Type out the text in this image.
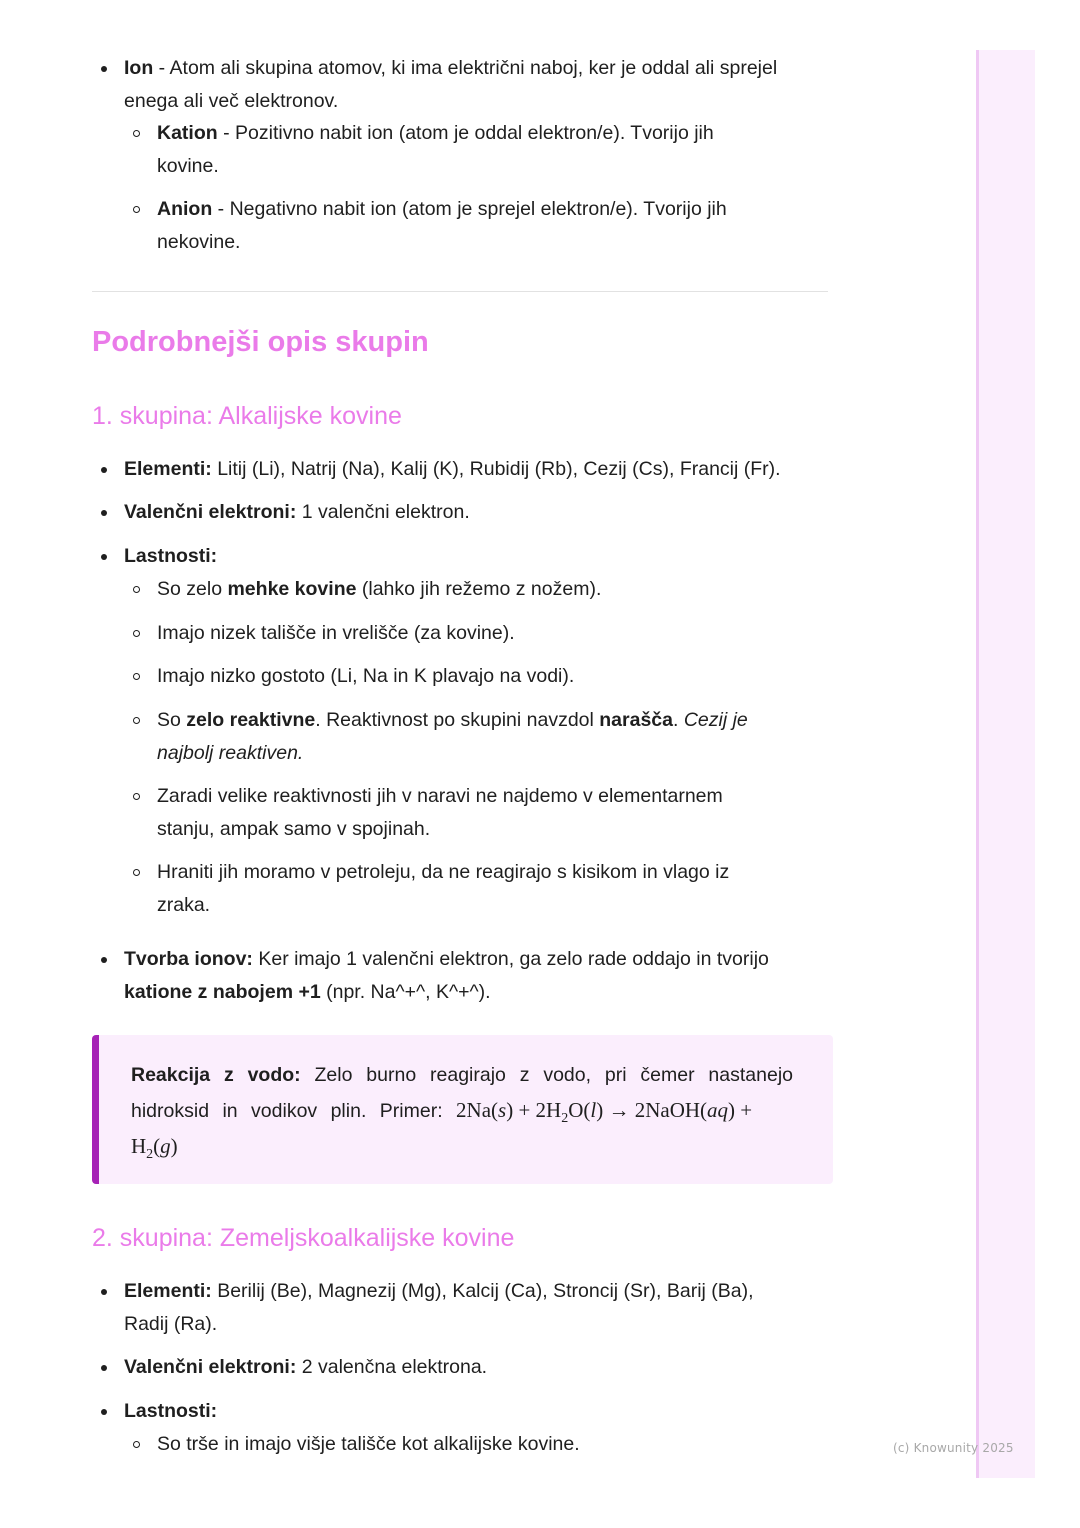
Ion - Atom ali skupina atomov, ki ima električni naboj, ker je oddal ali sprejel
enega ali več elektronov.
Kation - Pozitivno nabit ion (atom je oddal elektron/e). Tvorijo jih
kovine.
Anion - Negativno nabit ion (atom je sprejel elektron/e). Tvorijo jih
nekovine.
Podrobnejši opis skupin
1. skupina: Alkalijske kovine
Elementi: Litij (Li), Natrij (Na), Kalij (K), Rubidij (Rb), Cezij (Cs), Francij (Fr).
Valenčni elektroni: 1 valenčni elektron.
Lastnosti:
So zelo mehke kovine (lahko jih režemo z nožem).
Imajo nizek tališče in vrelišče (za kovine).
Imajo nizko gostoto (Li, Na in K plavajo na vodi).
So zelo reaktivne. Reaktivnost po skupini navzdol narašča. Cezij je
najbolj reaktiven.
Zaradi velike reaktivnosti jih v naravi ne najdemo v elementarnem
stanju, ampak samo v spojinah.
Hraniti jih moramo v petroleju, da ne reagirajo s kisikom in vlago iz
zraka.
Tvorba ionov: Ker imajo 1 valenčni elektron, ga zelo rade oddajo in tvorijo
katione z nabojem +1 (npr. Na^+^, K^+^).
Reakcija z vodo: Zelo burno reagirajo z vodo, pri čemer nastanejo
hidroksid in vodikov plin. Primer: $2Na(s) + 2H_2O(l)$ → 2NaOH(aq) +
$H_2(g)$
2. skupina: Zemeljskoalkalijske kovine
Elementi: Berilij (Be), Magnezij (Mg), Kalcij (Ca), Stroncij (Sr), Barij (Ba),
Radij (Ra).
Valenčni elektroni: 2 valenčna elektrona.
Lastnosti:
So trše in imajo višje tališče kot alkalijske kovine.	(c) Knowunity 2025
